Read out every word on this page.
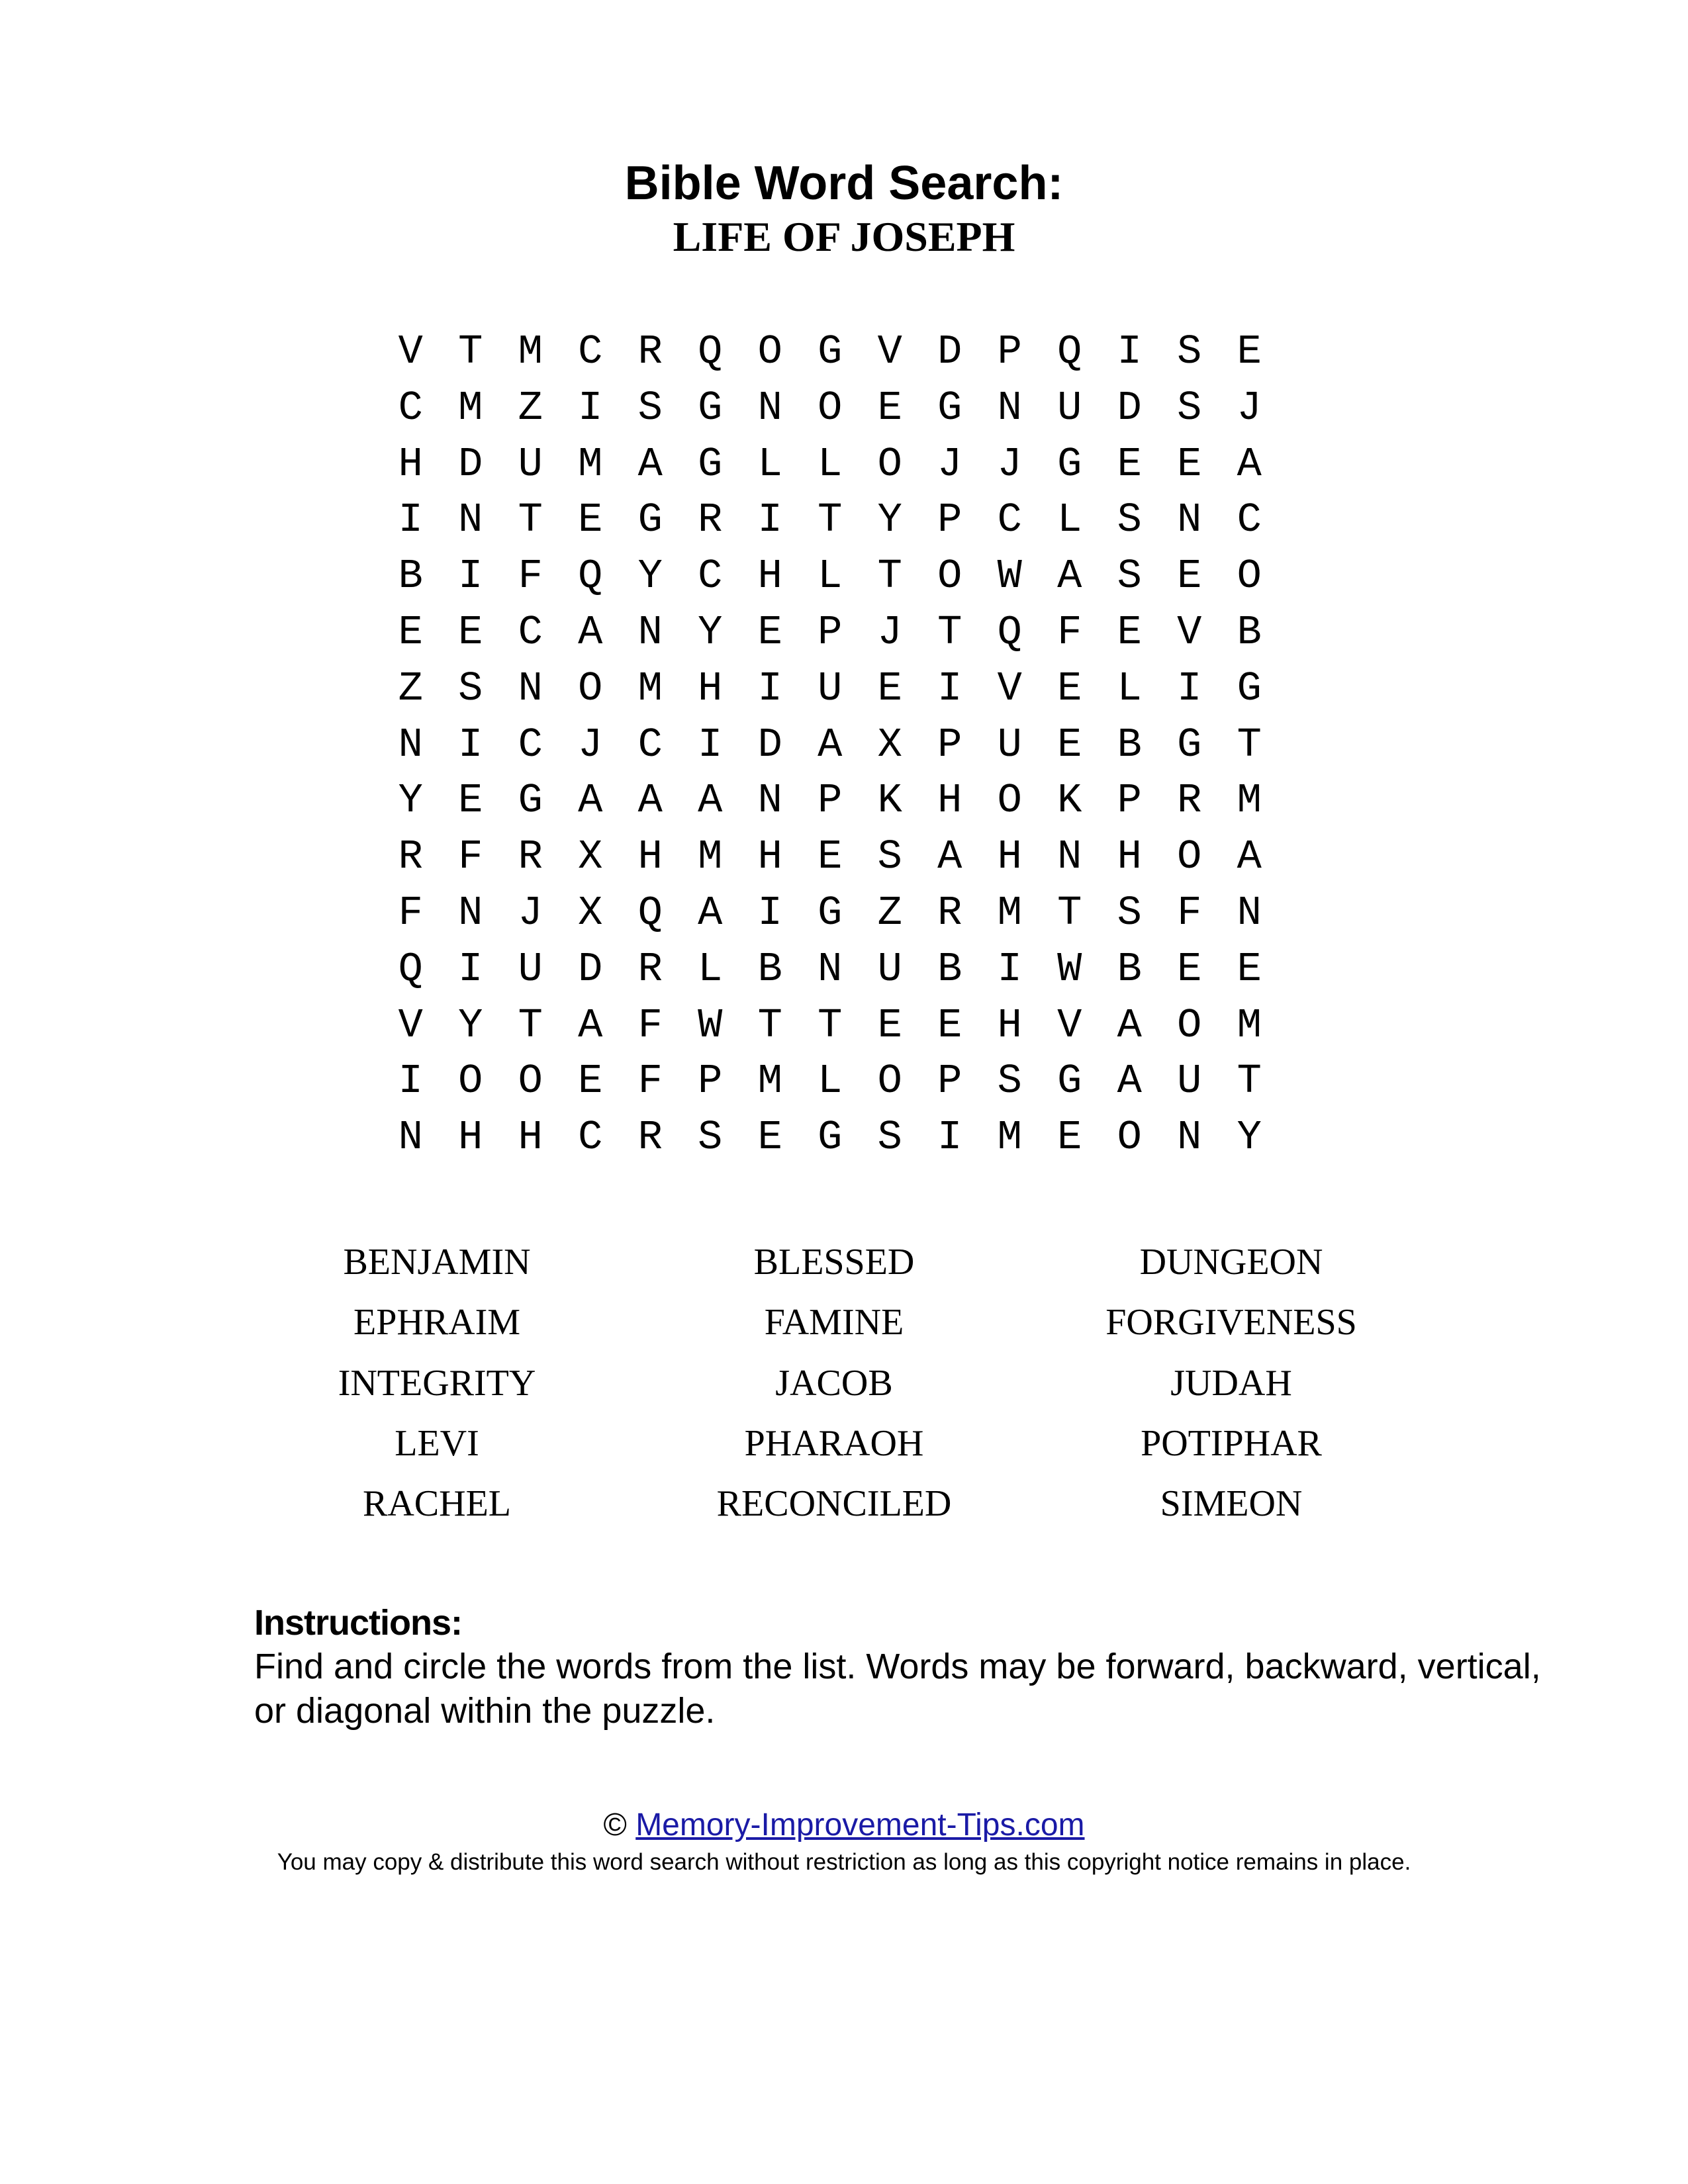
Bible Word Search:
LIFE OF JOSEPH
V T M C R Q O G V D P Q I S E
C M Z I S G N O E G N U D S J
H D U M A G L L O J J G E E A
I N T E G R I T Y P C L S N C
B I F Q Y C H L T O W A S E O
E E C A N Y E P J T Q F E V B
Z S N O M H I U E I V E L I G
N I C J C I D A X P U E B G T
Y E G A A A N P K H O K P R M
R F R X H M H E S A H N H O A
F N J X Q A I G Z R M T S F N
Q I U D R L B N U B I W B E E
V Y T A F W T T E E H V A O M
I O O E F P M L O P S G A U T
N H H C R S E G S I M E O N Y
BENJAMIN	BLESSED	DUNGEON
EPHRAIM	FAMINE	FORGIVENESS
INTEGRITY	JACOB	JUDAH
LEVI	PHARAOH	POTIPHAR
RACHEL	RECONCILED	SIMEON
Instructions:
Find and circle the words from the list. Words may be forward, backward, vertical, or diagonal within the puzzle.
© Memory-Improvement-Tips.com
You may copy & distribute this word search without restriction as long as this copyright notice remains in place.
